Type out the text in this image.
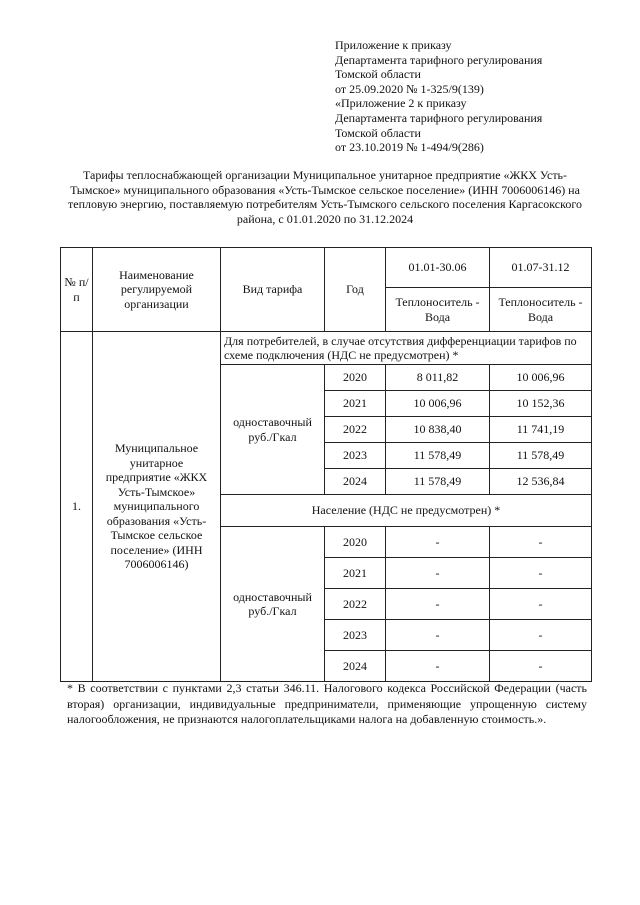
Приложение к приказу
Департамента тарифного регулирования
Томской области
от 25.09.2020 № 1-325/9(139)
«Приложение 2 к приказу
Департамента тарифного регулирования
Томской области
от 23.10.2019 № 1-494/9(286)
Тарифы теплоснабжающей организации Муниципальное унитарное предприятие «ЖКХ Усть-Тымское» муниципального образования «Усть-Тымское сельское поселение» (ИНН 7006006146) на тепловую энергию, поставляемую потребителям Усть-Тымского сельского поселения Каргасокского района, с 01.01.2020 по 31.12.2024
№ п/п	Наименование регулируемой организации	Вид тарифа	Год	01.01-30.06	01.07-31.12
				Теплоноситель - Вода	Теплоноситель - Вода
1.	Муниципальное унитарное предприятие «ЖКХ Усть-Тымское» муниципального образования «Усть-Тымское сельское поселение» (ИНН 7006006146)	Для потребителей, в случае отсутствия дифференциации тарифов по схеме подключения (НДС не предусмотрен) *			
		одноставочный руб./Гкал	2020	8 011,82	10 006,96
			2021	10 006,96	10 152,36
			2022	10 838,40	11 741,19
			2023	11 578,49	11 578,49
			2024	11 578,49	12 536,84
		Население (НДС не предусмотрен) *			
		одноставочный руб./Гкал	2020	-	-
			2021	-	-
			2022	-	-
			2023	-	-
			2024	-	-
* В соответствии с пунктами 2,3 статьи 346.11. Налогового кодекса Российской Федерации (часть вторая) организации, индивидуальные предприниматели, применяющие упрощенную систему налогообложения, не признаются налогоплательщиками налога на добавленную стоимость.».
